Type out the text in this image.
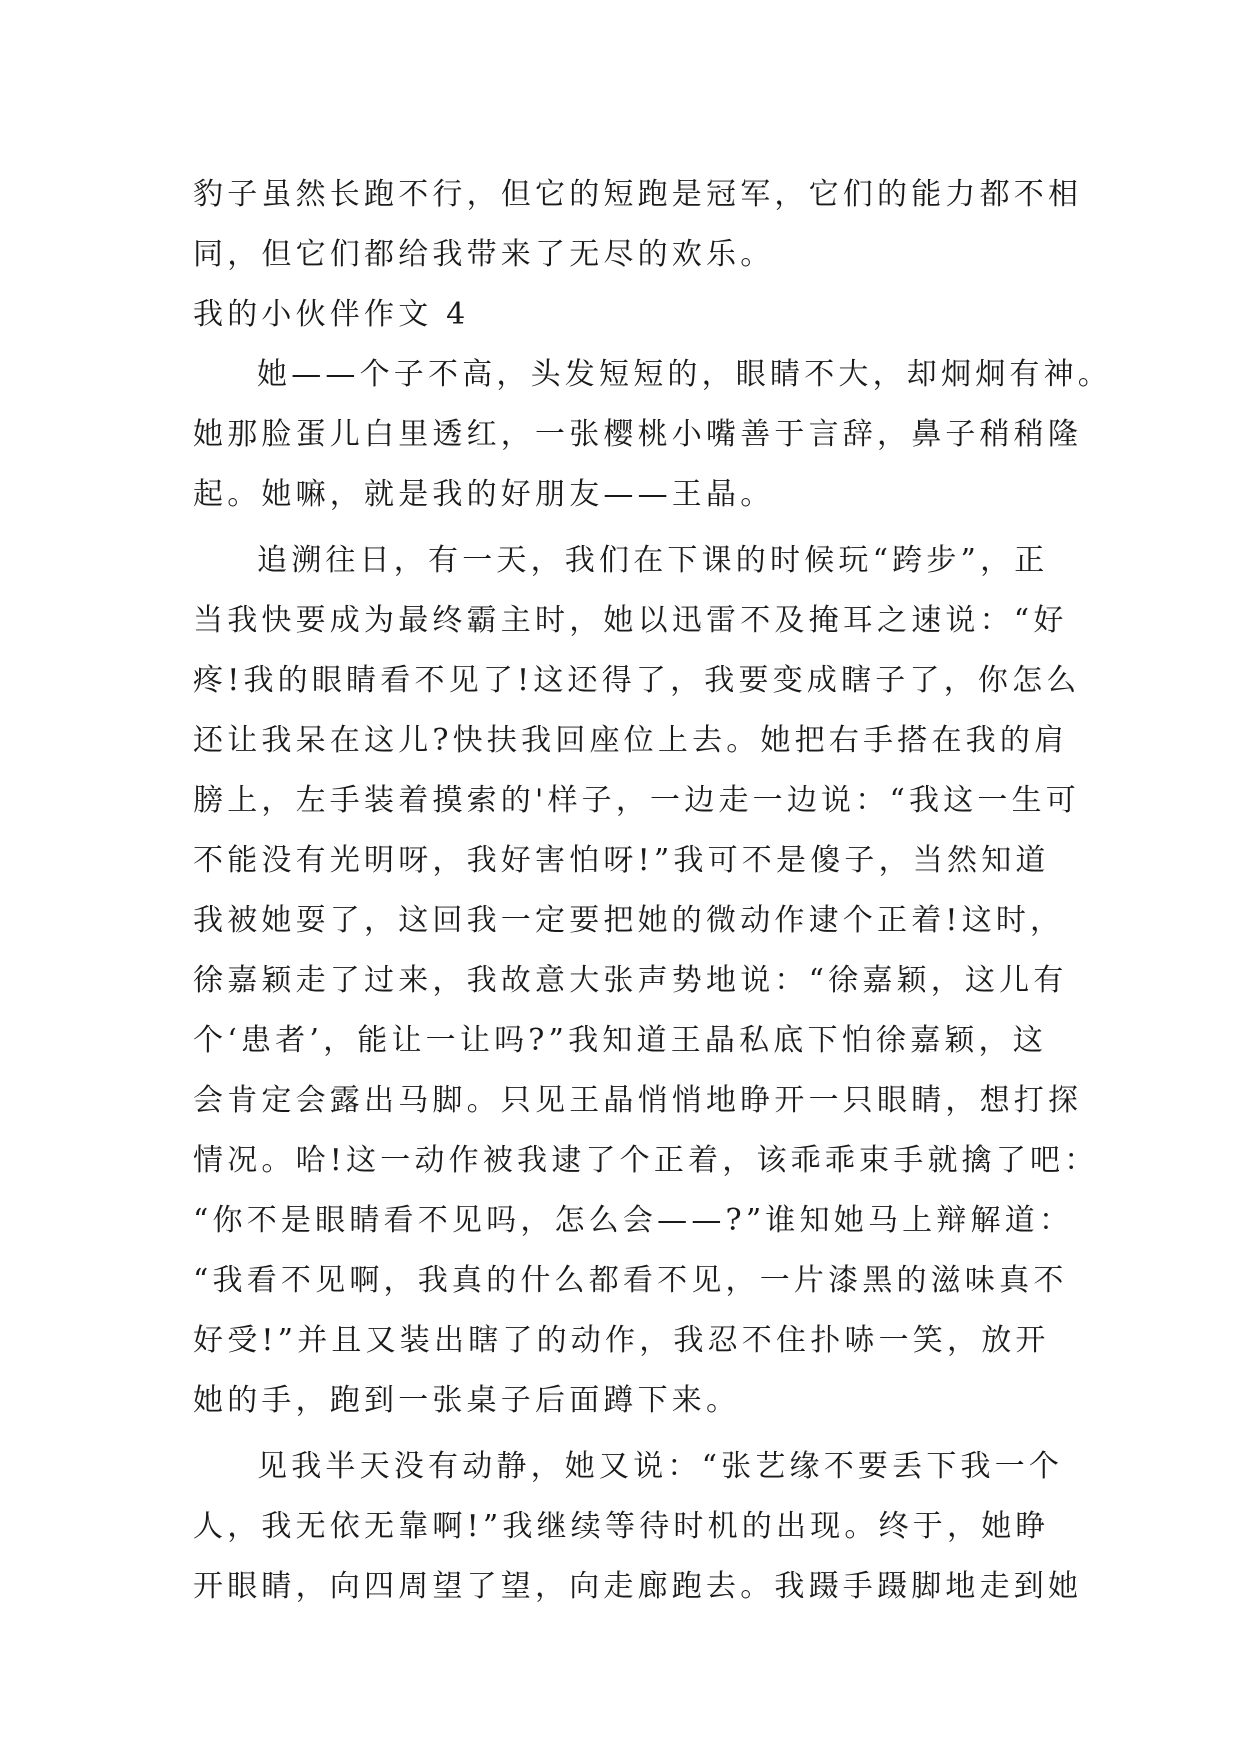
豹子虽然长跑不行，但它的短跑是冠军，它们的能力都不相
同，但它们都给我带来了无尽的欢乐。
我的小伙伴作文 4
她——个子不高，头发短短的，眼睛不大，却炯炯有神。
她那脸蛋儿白里透红，一张樱桃小嘴善于言辞，鼻子稍稍隆
起。她嘛，就是我的好朋友——王晶。
追溯往日，有一天，我们在下课的时候玩“跨步”，正
当我快要成为最终霸主时，她以迅雷不及掩耳之速说：“好
疼!我的眼睛看不见了!这还得了，我要变成瞎子了，你怎么
还让我呆在这儿?快扶我回座位上去。她把右手搭在我的肩
膀上，左手装着摸索的'样子，一边走一边说：“我这一生可
不能没有光明呀，我好害怕呀!”我可不是傻子，当然知道
我被她耍了，这回我一定要把她的微动作逮个正着!这时，
徐嘉颖走了过来，我故意大张声势地说：“徐嘉颖，这儿有
个‘患者’，能让一让吗?”我知道王晶私底下怕徐嘉颖，这
会肯定会露出马脚。只见王晶悄悄地睁开一只眼睛，想打探
情况。哈!这一动作被我逮了个正着，该乖乖束手就擒了吧：
“你不是眼睛看不见吗，怎么会——?”谁知她马上辩解道：
“我看不见啊，我真的什么都看不见，一片漆黑的滋味真不
好受!”并且又装出瞎了的动作，我忍不住扑哧一笑，放开
她的手，跑到一张桌子后面蹲下来。
见我半天没有动静，她又说：“张艺缘不要丢下我一个
人，我无依无靠啊!”我继续等待时机的出现。终于，她睁
开眼睛，向四周望了望，向走廊跑去。我蹑手蹑脚地走到她
